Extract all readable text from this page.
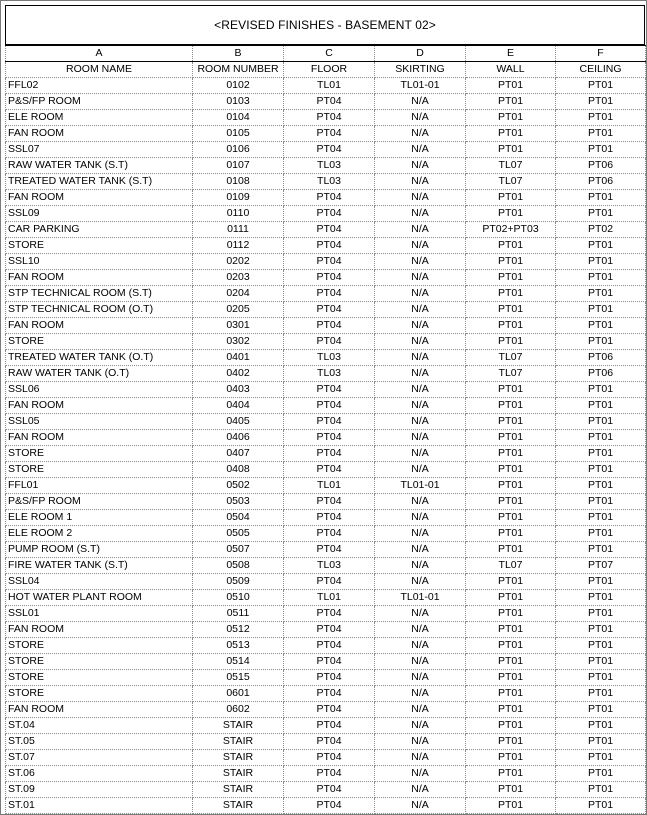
<REVISED FINISHES - BASEMENT 02>
A	B	C	D	E	F
ROOM NAME	ROOM NUMBER	FLOOR	SKIRTING	WALL	CEILING
FFL02	0102	TL01	TL01-01	PT01	PT01
P&S/FP ROOM	0103	PT04	N/A	PT01	PT01
ELE ROOM	0104	PT04	N/A	PT01	PT01
FAN ROOM	0105	PT04	N/A	PT01	PT01
SSL07	0106	PT04	N/A	PT01	PT01
RAW WATER TANK (S.T)	0107	TL03	N/A	TL07	PT06
TREATED WATER TANK (S.T)	0108	TL03	N/A	TL07	PT06
FAN ROOM	0109	PT04	N/A	PT01	PT01
SSL09	0110	PT04	N/A	PT01	PT01
CAR PARKING	0111	PT04	N/A	PT02+PT03	PT02
STORE	0112	PT04	N/A	PT01	PT01
SSL10	0202	PT04	N/A	PT01	PT01
FAN ROOM	0203	PT04	N/A	PT01	PT01
STP TECHNICAL ROOM (S.T)	0204	PT04	N/A	PT01	PT01
STP TECHNICAL ROOM (O.T)	0205	PT04	N/A	PT01	PT01
FAN ROOM	0301	PT04	N/A	PT01	PT01
STORE	0302	PT04	N/A	PT01	PT01
TREATED WATER TANK (O.T)	0401	TL03	N/A	TL07	PT06
RAW WATER TANK (O.T)	0402	TL03	N/A	TL07	PT06
SSL06	0403	PT04	N/A	PT01	PT01
FAN ROOM	0404	PT04	N/A	PT01	PT01
SSL05	0405	PT04	N/A	PT01	PT01
FAN ROOM	0406	PT04	N/A	PT01	PT01
STORE	0407	PT04	N/A	PT01	PT01
STORE	0408	PT04	N/A	PT01	PT01
FFL01	0502	TL01	TL01-01	PT01	PT01
P&S/FP ROOM	0503	PT04	N/A	PT01	PT01
ELE ROOM 1	0504	PT04	N/A	PT01	PT01
ELE ROOM 2	0505	PT04	N/A	PT01	PT01
PUMP ROOM (S.T)	0507	PT04	N/A	PT01	PT01
FIRE WATER TANK (S.T)	0508	TL03	N/A	TL07	PT07
SSL04	0509	PT04	N/A	PT01	PT01
HOT WATER PLANT ROOM	0510	TL01	TL01-01	PT01	PT01
SSL01	0511	PT04	N/A	PT01	PT01
FAN ROOM	0512	PT04	N/A	PT01	PT01
STORE	0513	PT04	N/A	PT01	PT01
STORE	0514	PT04	N/A	PT01	PT01
STORE	0515	PT04	N/A	PT01	PT01
STORE	0601	PT04	N/A	PT01	PT01
FAN ROOM	0602	PT04	N/A	PT01	PT01
ST.04	STAIR	PT04	N/A	PT01	PT01
ST.05	STAIR	PT04	N/A	PT01	PT01
ST.07	STAIR	PT04	N/A	PT01	PT01
ST.06	STAIR	PT04	N/A	PT01	PT01
ST.09	STAIR	PT04	N/A	PT01	PT01
ST.01	STAIR	PT04	N/A	PT01	PT01
